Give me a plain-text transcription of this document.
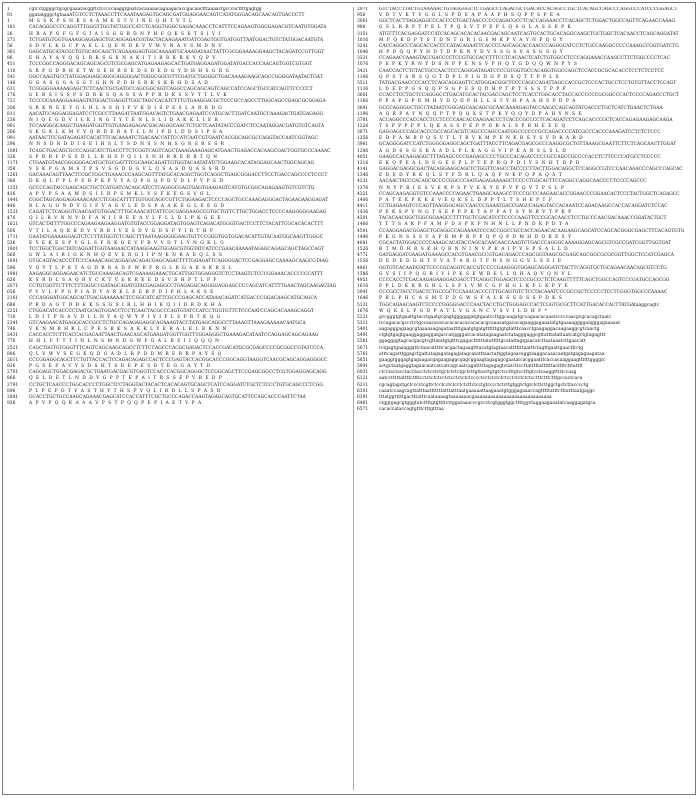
1	cgtcctggggctgcgcgaaatacggttctcccccaaggtgaatcacaaaaacagaagacaccgacaactttaaaactgcccacttttgagtgg
91	ggatatgggctgtaaaATGTCCTCTAAACCTTCAAATAAGAGTGCAGCGATGGAGGAACAGTCATATGGGACAGCAACAGTGACCCTT
1	M S S K P S N K S A A M E E T V I N E Q H T V T L
181	CACAGGGCCCCAGGTTTGGGTTGGTATTGGCCATCTCAGGTGGGCGAGACAAACCTCATTTCCAGAAGTGGGGAGACGTCAATGTGGATA
26	H R A P G F G F G I A I S G G R D N P H F Q K S E T S I V I
271	TCTGATGTGGTGAAAGGAGGAGCTGCAGGAGACGGTACTACAAGAAATGATCGAGTGGTGATGGTTAATGGACTGTCTATGGACAATGTA
56	S D V L K G C P A E L L Q E N D R V V M V N A V S M D N V
361	GAGCATGCATACGCTGTGCAGCAGCTCAGAAAGAGTGGCAAAAATGCAAAGATAACTATTCGCGGAAAAGGAAGCTACAGATCCGTTGGT
86	E H A Y A Y Q Q L R K S G K N A K I T I R R K R K Y Q P V
451	TCCCGGCCAGGGACAGCAGCAGCGTCGCGAGCATGAGAAGAGCACTGATGAGGAGATGGATATGACCACCAACAGTGGTCGTGGT
116	S R P G D R H E T W S E H R E E D S D E D G Y D H H S G R G
541	GGCCAAGTGCCTATGGAGGAGCAGGCAGGGGACTGGGCGGCGTTCGATGCTGGGGCTGACAAAAGAAGCAGCCGGGGATAATACTGAT
146	G G A S G G A S G T G H N P D H S R K S K R H D S A D
631	TCGGGGGAAAAAGAGCTCTCAACCGCGATGCCAGCGGCAGTCAGGCCAGCAGCAGTCAGCCATCCAGCTGCCATCAGTTCCCCCT
176	S E R S I S S P S D R K S Q A S S A P P R D K S S V T T L V K
721	TCCCGCAAAAGGAAGAGTATGGACTGAGGTTGGCTAGCCACATCTTTGTGAAGGACGCTCCCGCCAGCCTTGGCAGCCGAGCGCGGAGA
206	S R K N E E Y G L H L A S H I F V K D I S P E S L A R R D G
811	AACATCCAGGAGGAGATCCTCGCCTTAAGATTAATGGACAGTCTGAACGAGAATCCATGCACTTGATCAATGCCAAAGACTGATGAGAGG
236	N I Q E G D V I L K I N G T Y T E N L S L I D A K K L I E R
901	TCCAAGGGCAAGCTGAAGATGGTTGTGAAGAGAGACGACAGGGCAACTCTGCTCAATATACCCGATCTCCAATAGGACGATGTGTCAGTA
266	S K G K L K M V V Q R D E R A T L L N I P D L D D S I P S A
991	AATAACTCCGATAGAGATCACATTTCACAAAATCTGACAACCATTCCATCAATCGTGAATCACGGCAGCGCCAGGTACCAATCGGTAGC
296	N N S D R D D I S E I H S L T S D N S S N H S G R S R S S R
1081	TCAGCTGACAGCGCCCAGGCATCTGACCTTCTCGGTCAGTCAGCTAAAGAAAGAGCATGAACTGAGACCACAAGCGACTGGTGCCCAAAAC
326	S P D R F P S S D L L R H S P Q I L S N H R R E R R T Q N
1171	CTGAATGTAACGGGGGGACATGCTGCGATTTCGCAAGCAGATTGTGGTACAATATATCTGGAAGCACATAGGAGCAACTGGCAGCAG
356	V S K P G A M S T P S V S G D D G V L Q S A S D Q A S S R D
1261	GACAAACAGTTAACTCCGCTGGCTGAAACCCAAGCAGTTTATGCACAGGCTGGTCAGGCTGAGCGGGACCTTCCTGACCAGCCCCTCCCT
386	D K Q L P P L P E R P K P V Y A Q P G Q P D V D L P V P S D
1351	GCCCCAGTACCGAGCAGCTGCTCATGATCACAGCATCCTCAGGGCGAGTGAGTGAAGAGTCATGTGCGGCAGAGAAGTGTCGTCTG
416	A P V P S A A M D S I L R P S M K L V S F K E G S V G L
1441	CGGCTAGCAGGAGGAAACAACCTCGGCATTTTTGTGGCAGCCGTTCTGGAAGACTCCCCAGCTGCCAAAGAGGGACTAGAAGAAGGAGAT
446	R L A G G N D V G I F V A G V L E D S P A A K E G L E E G D
1531	CAGATTCTCAGGGTCAACAATGTGGACTTTGCAAACATCATTCGCGAGGAAGCCGTGCTGTTCTTGCTGGACCTCCCCAAGGGGGAAGAG
476	Q I L R V N N V D F A N I I R E E A V L F L L D L P K G E E
1621	GTCACTATTTTGGCCCAGAAGAAGAAGGATGTGTACCGGAGGATAGTGGAGTCAGACATGGGTGACTCCTTCTACATTCGCACACACTTT
506	V T I L A Q K K D V Y R R I V E S D V G D S F Y I R T H F
1711	GAATATGAAAAGGAGTCTCCTTATGGTCTCAGCTTTAATAAGGGGGAAGTGTTCCGGGTGGTGGACACATTGTACAATGGCAAGTTGGGC
536	E Y E K E S P Y G L S F N K G E V F R V V D T L Y N G K L G
1801	TCCTGGCTGGCTATCAGGATTGGTAAGAACCATAAGGAAGTGGAGCGTGGTATCATCCCGAACAAAAATAGAGCAGAGCAGCTAGCCAGT
566	S W L A I R I G K N H Q E V E R G I I P N K N R A E Q L S S
1891	GTGCAGTACACCCTTCCCAAAACAGCAGGAGACAGACGAGCAGACTTTTGGAGATTCAGGGGACTCCGAGGAGCCAAAAGCAAGCGTAAG
596	V Q Y T L P K T A G D R R A D F W R F R G L R G A K S K R S L
1981	AAGAGGCAGGAGAACATCTGCCAAAGACAGTCGAAAAGAAACTGCATTGGTGGAGGGTCTCCTAAGTCTCCCGGAAACACCCCCCATTT
626	K S R D L S A Q R Y C K T V E K R E E D S V S H P T L P F
2071	CCTGTGGTTCTTTCTTTGGGCCGATAGCAGATGTACGAGAGGCCTGAGAGGCAGGGGAGGAGCCCCAGCATCATTTTGAACTAGCAAGAGTAG
656	P V V L F P G P I A D V A R K L E E R P D I P H L A K S E
2161	CCCAGGGATGGCAGCACTGACGAAAAAACTCCGGCATCATTCGCCCGAGCACCATAAACAGATCATGACCCGGACAAGCATGCAGCA
686	P R D A G T D D E K S S G S I R L H H I K Q I I D R D K H A
2251	CTGGACATCACCCCTAATGCAGTGGACCTCCTCAACTACGCCCAGTGTATCCATCCTGGTGTTCTCCCAATCCAGCACAAAGCAGGT
716	L D I T P N A V D L L N Y A Q W Y P I V I F L S P R T K Q G
2341	GTCAAGAACATGAGGCACCGCCTCTGCCAGAGAGAGGCAGAAAGTACCTATGAGCAGGCCTTAAAGTTAAAGAAAAACAATGCA
746	V K N M R H R L C P E S R K S A K K L Y E R A L K L R K N N
2431	CACCACCTCTTCACCACGACAATTAACTGAACAGCATGAAGATGGTTGGTTTGGAGGGCTGAAAGACATAATCCAGGAGCAGCAGAAG
776	H H L F T T T I N L N S M N D G W F G A L K E I I Q Q Q N
2521	CAGCTGGTGTGGGTTTCAGTCAGCAAGCAGCCTCTTCCAGCCCACGCGAGACTCCACCGACATGCGCGAGCCCCGCGGCCGTATCCCA
806	Q L V W V S E G K Q D G A D L R P D D M R E R R P A Y S Q
2611	CCCGGAGGCAGCTTCTGTTACCACTCCAGACAGAGCCACTCCCGAGTACCACGGCACCCGGCAGGTAAGGTCAACGCAGCAGGAGGGCC
836	P G S E F A V Y S D S H T S D E P E S D T E G G A Y T D
2701	CAGGAGCTGGACGAGACGCTGAATGACGACGTGGGTCCACCCACGGCAGGGCTCCGGCAGCTTCCGAGCGGCCTCGTGGAGGAGCAGG
866	Q E L D E T L N D D V G P P T E P A I T R S S E P V R E D P
2791	CCTGCTCAACCCTGGCACCCCTGGCTCCTAGGTACTACACTCACACAGTGCAGCTCATCCAGGATCTGCTCTCCCTGTGCAGCCCTCGG
896	P L P E P G T V A S T H Y T H S P V Q L I R D L L S P A S R
2881	GCACCTGCTGCCAAGCAGAAACGAGCATCCACCATTTCGCTGCCCAGACCAAGTAGAGCAGTGCATTCCAGCACCCAATTCTAA
926	A P V P Q Q K A A A V P S T P Q Q P E P I A E T V P A
2971	GTCTACCTTACTGTAAAAACTGTAGGGGCTCTGAGCCCAGACGCTGACACCACAGCCTGCTCACAGCCAGCCCAGGCCCATCCCGGAGCT
956	V D T V K T V G G L S P D E A P A A P H S Q P P S P E A
3061	GGCTCACTTAGGAGGCCCACCCCTGACTAACCCCCCAGACGCCTCACCAGAAACCTCACAGCTCTGGACTGGCCAGTTCAGAACCAAAG
986	G S L R R P T P E L T P Q S V T P E P L Q S G L A S S E P K
3151	ATGTTTCACGAGGATCCATCACAGCACACACAACGACAGCAATCAGTGCACTGCACAGGCAAGCTGCTGGCTCACAACCTCAGCAGGATAT
1016	M F Q K D P Y S T D N T G R I G S M K P V A Y N P Q G Y
3241	CACCAGGCCCAGCACCACCCCATACAGAATTCACCCCAGCAGCACCAACCCAGGGCATCCTCTGCCAAGGCCCCCAAAGCCGGTGATCTG
1046	H P D Q Q P Y H D T D P K N Y D V S S G S V S S G G G Y
3331	CCAGAACCAAAGTACCGACCCCTCCGTGCCACCTTTCCTCACAACTCATCTGTGGCCTCCCAGGAAACCAAGCCTTCTGGCCCCTCAC
1076	P E P K Y R N Y D S N P P E N S V P H Q Y G D Q Q W N P Y S
3421	CAACCACTCTCTACTGCCAACTCCCAGGGATAGATCCCCGTGGTGCCACAGGTGGCCAGCTCCACCGCGCACACCTCCTCTCCTCC
1106	Q P S T A N S Q G T D P L P I G D G P D S Q T T P P L X
3511	TATGACGAACCCCACCTCAGCAGGAGTTCATGGGACGGCTCCCCAGCCAGATTAGCCACCGCTCCCACTGCCTCCTGTGTTACCTCCAGT
1136	L D E P P G S Q Q P S G P E S Q D H P T P T S S S T P P P
3601	CCACCTCCTGCTCCAGGGCCTGACATGCACTACGACCAGCTCCTCACCTGGCACCTACCACCCCCCGCGGCCCACTCCCCAGACCCTGCT
1166	P P A P G P D M H Y D Q D P H L L S T Y H P A A H S P D P A
3691	GCCCAGGGGCTGCCTATAATCGGGAGCAACAGCGCAACAAAAGAGTACCAAGCCAGCAGTATGACCCTGCTCATCTGAACTCTGAA
1196	A Q R P A Y N Q Q P T P Q Q X S T P K Y Q Q Y D P A H Y N S E
3781	ACCAGGCCCACCACCTCCTCCCCAACACCAAGAACCCTCACCCGCCCCTCACAGATCCTCAGCACCCGCTCACCAGAGAAGAGCAAGA
1226	T S P P P P P L Q K A S S P E P P D R A L S P R H E E E Q
3871	GAGGAGCCCAGCACCCGCCAGCACGTCAGCCCAGCCAATGGCCCCCCGCCAGACCCCATCGCCCACCCAAAGATCCTCTCTCCC
1256	E D P A M B P Q S V T L T R V K M P E N K R S Y S V D R A R D
3961	GCAGGGGATCCATCTGGGGGAGGCAGCTGATTTACCTTCAGACGAGCGCCCAAGGCGCTGTTAAAGCGAATTCTTCTCAGCAACTTGGAT
1286	A G D S S G S K A A D L P L K A G G V I P K A N S L S L D
4051	GAAGCCACAAGAGGCTTTAGAGCCCCGAGAGCCCCTGCCCACAGACCCCCGCCAGCCGCCCCACCTCTTCCCCATGCCTCCCCC
1316	E K Q P E A L D S G E S P L P T E P R Q P D I V S N H T D P D
4141	GAGGACGAGGCGACTACAGGAAGCAGCTCTGGTTCAGCCTACCCCTTACTTGGACAGGCTCCAGGCCGTCCCAACAAACCCAGCCCAGCAC
1346	E D E D Y R K Q L S Y F D R L Q A Q P N K P Q P A Q A T
4231	AACAACTACCCACAGCGCCCCGGCCCAATGAGAGAAAAGCTCCCCTGGCACTTCCAGGCCAGGCAACCCCTCCCCAGCCC
1376	N N Y P R I E S V E K P S P V E K Y E P V P Q V T P S L P
4321	CCAGCAAGAGGTGTCCAAACCCCAGAACTGAAGCAAAGCCTCCCGCCCAAGAACACCGGAACCCGGAACACTCCCTACTGGCTCAGAGCC
1406	P A T E K P K K E V E Q K S L D P P T L T S H E P T F
4411	CCTGAGAAGTCCCAGTTAAGGGCAGCCAACCCGAAATGACCGAGCCAGAGTACCACAAATCCAGACAAGCCACCACAGGATCTCCAC
1436	P E K S P V N G T S E P P P K T A P P A T S Y N R V T P K P
4501	TACACAACGGCTGGCGGAAGCCTTTTGCTCGACATCCTCCCCAAGTTCCCGCACAACCTCCTGCCCAACGACAAACCGGATACTGCT
1466	Y T T S A K P F A M F D S P K F N H N L L P N D K P D T A
4591	CCAAGGAGACGGAGCTGCAGGCCAGAAAATCCCACCGGCCGCCACCAGAACACAAGAAGCAGCATCCAGCACGGGCGAGCTTCACAGTGTG
1496	P K G N S S S V A P R M P N P P Q P Q P D M H D Q R E S Y
4681	CGCACTATGGACCCCCAAAGCACATACCAGCACAACAACCAAGTCTGACCCAGGGCAAAAGGAGCAGCGTCGCCGATCGGTTGGTGAT
1526	R T M D H R S K H Q R N N I N V P K A I P V S P S A L L D
4771	GATGAGGATGAAGATGAAAGCCACGTGAACGCCGTGACAGACCCAGCGGTAAGCGCGAGCAGCGGCGCGCGGTTGGCTCCATCGAGCA
1556	D E D E D G H T V V A T A R G T F N S N G G V L S S I E
4861	GGTGTCACAATATATTCCCCGCAGGTCACCGTCCCCGAAGGGTGGAGCAGGGATCTACTTCAGGTGCTGCAGAACAACAGCGTCCTG
1586	G V S I I P Q G R I V I P K S E W R E L L Q H A Q V Q N V L
4951	CCCCACCTCGACAAGAGAAGGACGACCTTCAGGCTGGAGCTCCCCGCCCTCTCAAGTTTTTCAGCTGGCCAGTCCCGATGCCAGCGG
1616	P P L D K K R G H L L S P L V M C G P H G L K F L K P Y E
5041	CCCGCCTACCTGACTCTGCCGCTCCAAACACCCCTTGCAGTGTCTCCTACAAATCCCGCCGCTCCCCCTCCTCGGGTGGCCCAAAAC
1646	P R L P H C A S M T P D G W S F A L K S S D S S P D K S
5131	TGGCAGAACAAGTCTCCCCGGGGGACCCAACTACCTGCTGGGAGCCACTCGGTGCGCTTCATTGACACCACTTATGAtaaggcagtc
1676	W Q K S L P G D P A T L V G A N C V S V I L D H F *
5221	gccgggtgtgaattgtacctgaatgcgagtggggggatgtgaatccttggcaagatgccagaacacaaatcccccaacgcgcacagctaatc
5311	tccagacacgccctctgccaacacacacacacacacacacacgcaaaaatgacacagaaggagaaatatgtgaaaaggggaagggagaaaaat
5401	aagagggagaagcgtaaaaaagagataattttgaatgtgatgttttttgtgtgtatttcaacctgaagaggacaagaaggcgtcaactg
5491	ctgtgtgagtgaaggaggaggatgaccatggggatcacatatagaagaatctatagggaggcgttatttatattaatcatgctgtagagttt
5581	ggaggggtagcacgacgtcgttatatgtgtttcgagacttttttatatttttgcatattagtgaacatcttaataaatcttgaacatt
5671	tctgagtgaaaggattctaacatttttcacgactagaagtttacatgtagtaacatttttttaatttctagttgaattgaactttctg
5761	atttcagatttggagctgattatagagatagagatagcatatttaactattggtagaacaggtaaggacaaacaatgatgagagaagataa
5851	gaaggtgggagtgagaagacgagaagaggcgagcggaagtagagagcgaatatcacggaatttcaccacaaggaagttttttggggtc
5941	actgctaatgaggtagaacaatcatcatcagcaatcagatttttagagagtctatcttccttatttttattttttacttttctttatttt
6031	ctcctactacctacctacctctcctctgctctctctgctcttgttacttgtgtctcctttgtcctttgtcctcaaggtttttccaag
6121	aatcctttttattttcttttcctctctctcctctcctctctctcccctcctctctctctcctctctctctcctttctttctttgccactcaca
6211	cgcagtagctgctcccctcgttctcctcctctcctctcttctcctgtcccctctcttgtggtctgtctcttcttggctgctcttacccctg
6301	caaatccaagcagttatttaatttttttatttatttaatgaaaaattaagaaatgtgggagaaaccagtttttatttctttatttaatgaggc
6391	tttatggtttttgactttatttcaataaaagtaaaaaaacgaaaaaaaaaaaaaaaaaaaaaaaaaaaaa
6481	ctggtgagcgtgggtatcttttgtgttttcttggataaacccgccctcgtgggtggcttttggctaggaagaaatatcaaggagatgca
6571	cacaccataccagtgtttctttgtttaa
